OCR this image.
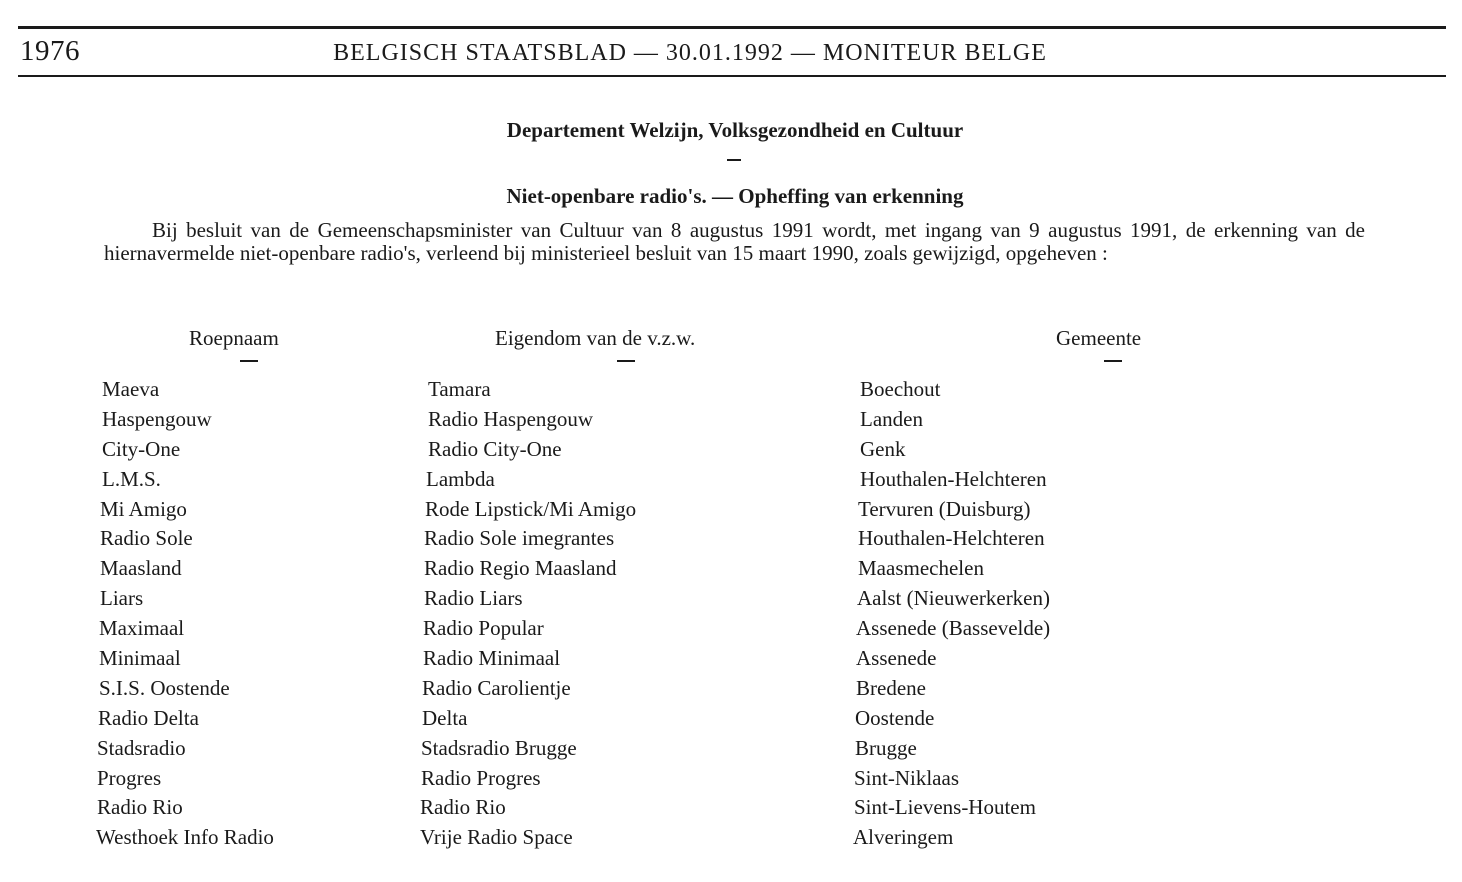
1976	BELGISCH STAATSBLAD — 30.01.1992 — MONITEUR BELGE
Departement Welzijn, Volksgezondheid en Cultuur
Niet-openbare radio's. — Opheffing van erkenning
Bij besluit van de Gemeenschapsminister van Cultuur van 8 augustus 1991 wordt, met ingang van 9 augustus 1991, de erkenning van de hiernavermelde niet-openbare radio's, verleend bij ministerieel besluit van 15 maart 1990, zoals gewijzigd, opgeheven :
Roepnaam	Eigendom van de v.z.w.	Gemeente
Maeva	Tamara	Boechout
Haspengouw	Radio Haspengouw	Landen
City-One	Radio City-One	Genk
L.M.S.	Lambda	Houthalen-Helchteren
Mi Amigo	Rode Lipstick/Mi Amigo	Tervuren (Duisburg)
Radio Sole	Radio Sole imegrantes	Houthalen-Helchteren
Maasland	Radio Regio Maasland	Maasmechelen
Liars	Radio Liars	Aalst (Nieuwerkerken)
Maximaal	Radio Popular	Assenede (Bassevelde)
Minimaal	Radio Minimaal	Assenede
S.I.S. Oostende	Radio Carolientje	Bredene
Radio Delta	Delta	Oostende
Stadsradio	Stadsradio Brugge	Brugge
Progres	Radio Progres	Sint-Niklaas
Radio Rio	Radio Rio	Sint-Lievens-Houtem
Westhoek Info Radio	Vrije Radio Space	Alveringem
